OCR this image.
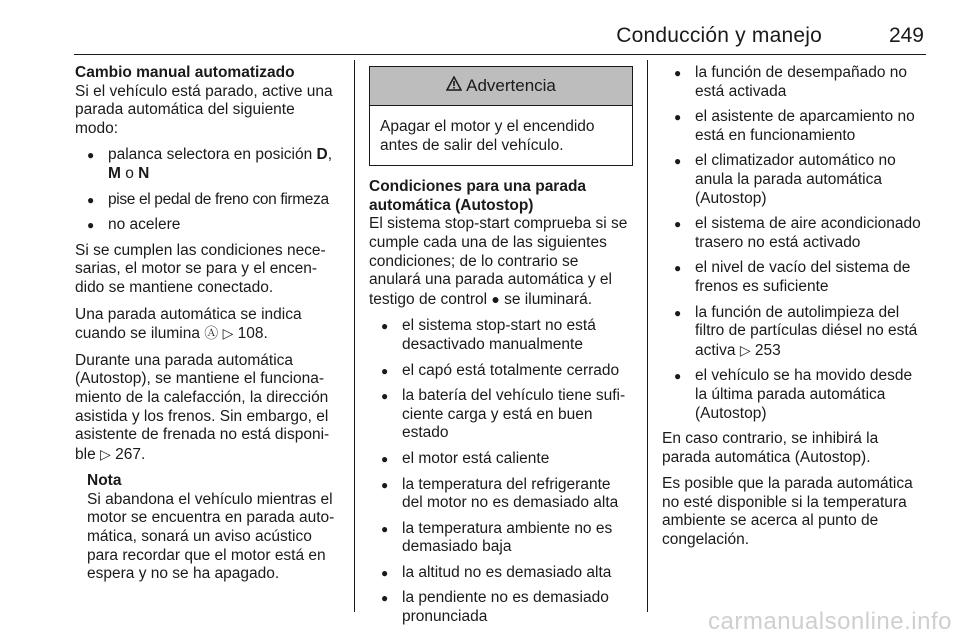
Conducción y manejo	249

Cambio manual automatizado

Si el vehículo está parado, active una parada automática del siguiente modo:

● palanca selectora en posición D, M o N
● pise el pedal de freno con firmeza
● no acelere

Si se cumplen las condiciones nece- sarias, el motor se para y el encen- dido se mantiene conectado.

Una parada automática se indica cuando se ilumina Ⓐ ▷ 108.

Durante una parada automática (Autostop), se mantiene el funciona- miento de la calefacción, la dirección asistida y los frenos. Sin embargo, el asistente de frenada no está disponi- ble ▷ 267.

Nota
Si abandona el vehículo mientras el motor se encuentra en parada auto- mática, sonará un aviso acústico para recordar que el motor está en espera y no se ha apagado.
Advertencia
Apagar el motor y el encendido antes de salir del vehículo.

Condiciones para una parada automática (Autostop)

El sistema stop-start comprueba si se cumple cada una de las siguientes condiciones; de lo contrario se anulará una parada automática y el testigo de control ● se iluminará.

● el sistema stop-start no está desactivado manualmente
● el capó está totalmente cerrado
● la batería del vehículo tiene sufi- ciente carga y está en buen estado
● el motor está caliente
● la temperatura del refrigerante del motor no es demasiado alta
● la temperatura ambiente no es demasiado baja
● la altitud no es demasiado alta
● la pendiente no es demasiado pronunciada
● la función de desempañado no está activada
● el asistente de aparcamiento no está en funcionamiento
● el climatizador automático no anula la parada automática (Autostop)
● el sistema de aire acondicionado trasero no está activado
● el nivel de vacío del sistema de frenos es suficiente
● la función de autolimpieza del filtro de partículas diésel no está activa ▷ 253
● el vehículo se ha movido desde la última parada automática (Autostop)

En caso contrario, se inhibirá la parada automática (Autostop).

Es posible que la parada automática no esté disponible si la temperatura ambiente se acerca al punto de congelación.

carmanualsonline.info
